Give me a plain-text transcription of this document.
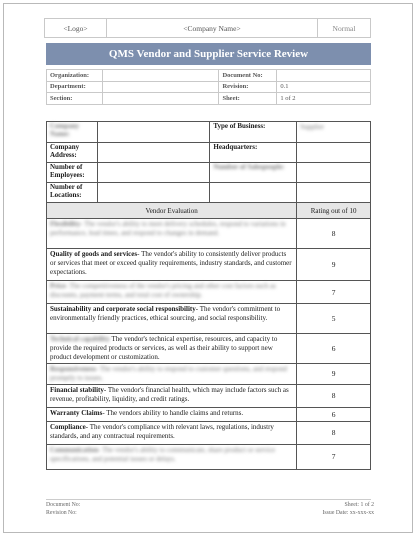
<Logo>	<Company Name>	Normal
QMS Vendor and Supplier Service Review
Organization:		Document No:	
Department:		Revision:	0.1
Section:		Sheet:	1 of 2
Company Name:		Type of Business:	Supplier
Company Address:		Headquarters:	
Number of Employees:		Number of Salespeople:	
Number of Locations:			
Vendor Evaluation			Rating out of 10
Flexibility- The vendor's ability to meet delivery schedules, respond to variations in performance, lead times, and respond to changes in demand.			8
Quality of goods and services- The vendor's ability to consistently deliver products or services that meet or exceed quality requirements, industry standards, and customer expectations.			9
Price- The competitiveness of the vendor's pricing and other cost factors such as discounts, payment terms, and total cost of ownership.			7
Sustainability and corporate social responsibility- The vendor's commitment to environmentally friendly practices, ethical sourcing, and social responsibility.			5
Technical capability The vendor's technical expertise, resources, and capacity to provide the required products or services, as well as their ability to support new product development or customization.			6
Responsiveness- The vendor's ability to respond to customer questions, and respond promptly to issues.			9
Financial stability- The vendor's financial health, which may include factors such as revenue, profitability, liquidity, and credit ratings.			8
Warranty Claims- The vendors ability to handle claims and returns.			6
Compliance- The vendor's compliance with relevant laws, regulations, industry standards, and any contractual requirements.			8
Communication- The vendor's ability to communicate, share product or service specifications, and potential issues or delays.			7
Document No:
Revision No:
Sheet: 1 of 2
Issue Date: xx-xxx-xx
